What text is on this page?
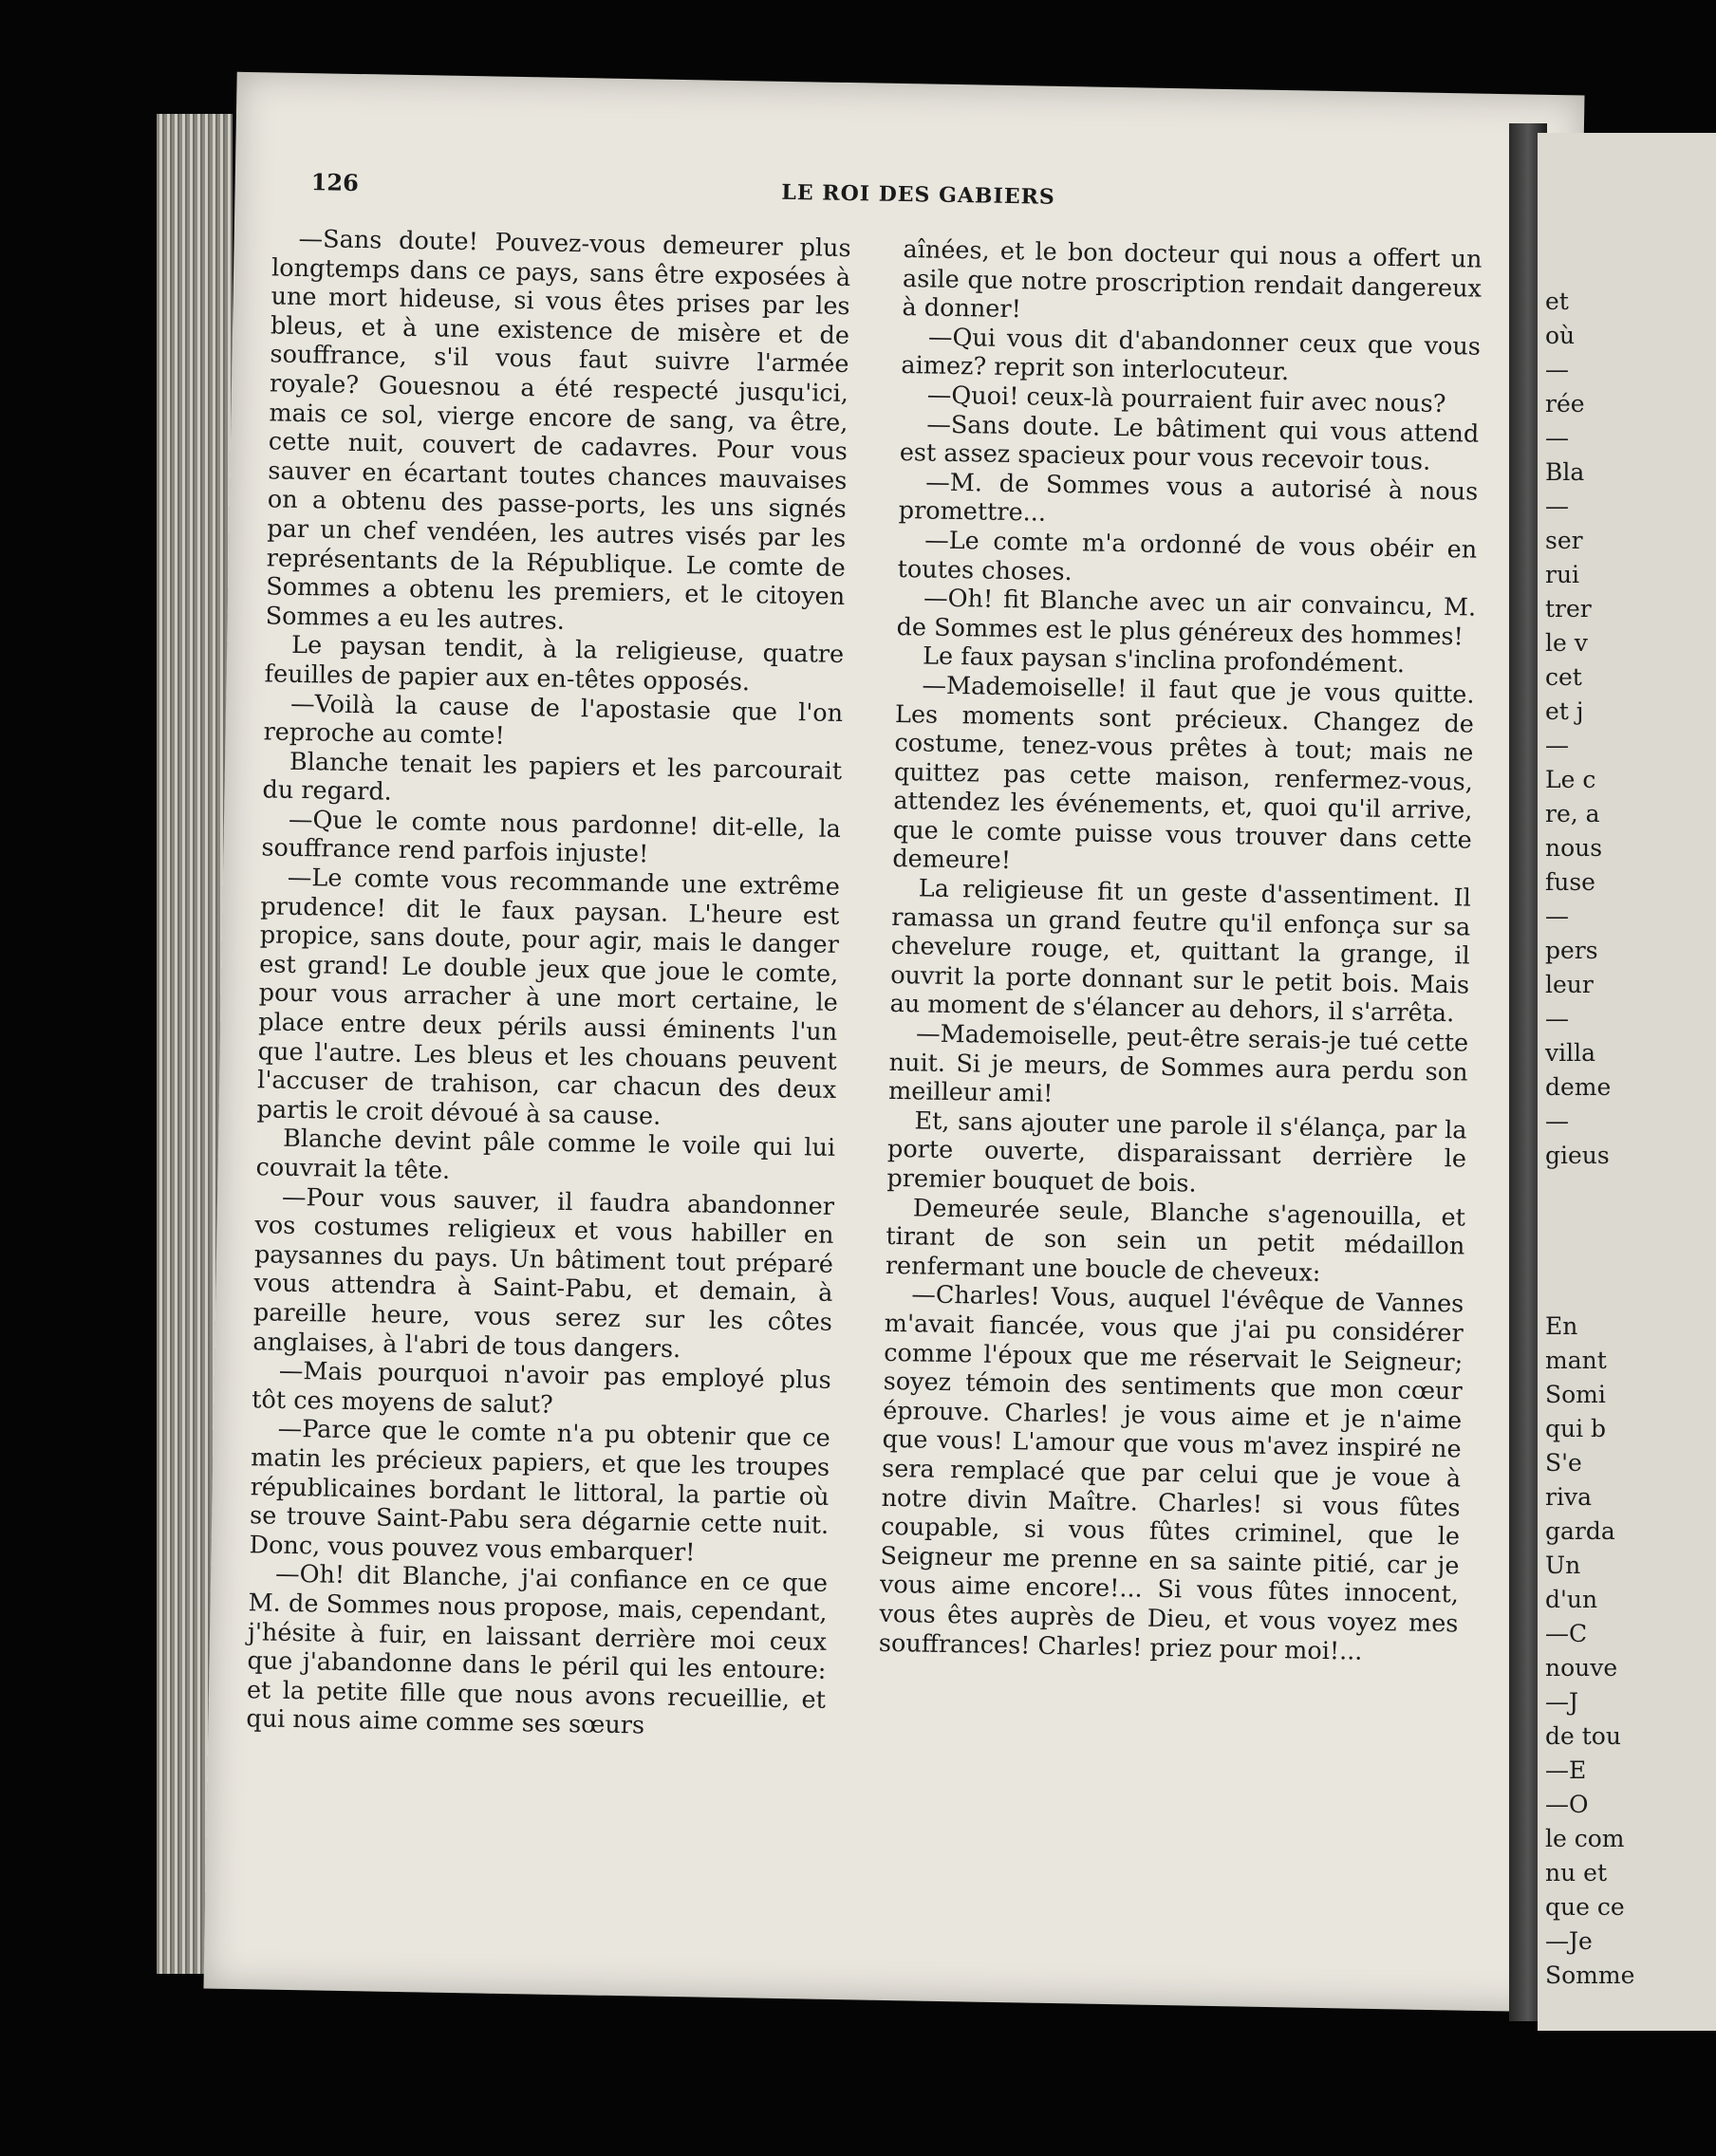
126	LE ROI DES GABIERS

—Sans doute! Pouvez-vous demeurer plus longtemps dans ce pays, sans être exposées à une mort hideuse, si vous êtes prises par les bleus, et à une existence de misère et de souffrance, s'il vous faut suivre l'armée royale? Gouesnou a été respecté jusqu'ici, mais ce sol, vierge encore de sang, va être, cette nuit, couvert de cadavres. Pour vous sauver en écartant toutes chances mauvaises on a obtenu des passe-ports, les uns signés par un chef vendéen, les autres visés par les représentants de la République. Le comte de Sommes a obtenu les premiers, et le citoyen Sommes a eu les autres.

Le paysan tendit, à la religieuse, quatre feuilles de papier aux en-têtes opposés.

—Voilà la cause de l'apostasie que l'on reproche au comte!

Blanche tenait les papiers et les parcourait du regard.

—Que le comte nous pardonne! dit-elle, la souffrance rend parfois injuste!

—Le comte vous recommande une extrême prudence! dit le faux paysan. L'heure est propice, sans doute, pour agir, mais le danger est grand! Le double jeux que joue le comte, pour vous arracher à une mort certaine, le place entre deux périls aussi éminents l'un que l'autre. Les bleus et les chouans peuvent l'accuser de trahison, car chacun des deux partis le croit dévoué à sa cause.

Blanche devint pâle comme le voile qui lui couvrait la tête.

—Pour vous sauver, il faudra abandonner vos costumes religieux et vous habiller en paysannes du pays. Un bâtiment tout préparé vous attendra à Saint-Pabu, et demain, à pareille heure, vous serez sur les côtes anglaises, à l'abri de tous dangers.

—Mais pourquoi n'avoir pas employé plus tôt ces moyens de salut?

—Parce que le comte n'a pu obtenir que ce matin les précieux papiers, et que les troupes républicaines bordant le littoral, la partie où se trouve Saint-Pabu sera dégarnie cette nuit. Donc, vous pouvez vous embarquer!

—Oh! dit Blanche, j'ai confiance en ce que M. de Sommes nous propose, mais, cependant, j'hésite à fuir, en laissant derrière moi ceux que j'abandonne dans le péril qui les entoure: et la petite fille que nous avons recueillie, et qui nous aime comme ses sœurs

aînées, et le bon docteur qui nous a offert un asile que notre proscription rendait dangereux à donner!

—Qui vous dit d'abandonner ceux que vous aimez? reprit son interlocuteur.

—Quoi! ceux-là pourraient fuir avec nous?

—Sans doute. Le bâtiment qui vous attend est assez spacieux pour vous recevoir tous.

—M. de Sommes vous a autorisé à nous promettre...

—Le comte m'a ordonné de vous obéir en toutes choses.

—Oh! fit Blanche avec un air convaincu, M. de Sommes est le plus généreux des hommes!

Le faux paysan s'inclina profondément.

—Mademoiselle! il faut que je vous quitte. Les moments sont précieux. Changez de costume, tenez-vous prêtes à tout; mais ne quittez pas cette maison, renfermez-vous, attendez les événements, et, quoi qu'il arrive, que le comte puisse vous trouver dans cette demeure!

La religieuse fit un geste d'assentiment. Il ramassa un grand feutre qu'il enfonça sur sa chevelure rouge, et, quittant la grange, il ouvrit la porte donnant sur le petit bois. Mais au moment de s'élancer au dehors, il s'arrêta.

—Mademoiselle, peut-être serais-je tué cette nuit. Si je meurs, de Sommes aura perdu son meilleur ami!

Et, sans ajouter une parole il s'élança, par la porte ouverte, disparaissant derrière le premier bouquet de bois.

Demeurée seule, Blanche s'agenouilla, et tirant de son sein un petit médaillon renfermant une boucle de cheveux:

—Charles! Vous, auquel l'évêque de Vannes m'avait fiancée, vous que j'ai pu considérer comme l'époux que me réservait le Seigneur; soyez témoin des sentiments que mon cœur éprouve. Charles! je vous aime et je n'aime que vous! L'amour que vous m'avez inspiré ne sera remplacé que par celui que je voue à notre divin Maître. Charles! si vous fûtes coupable, si vous fûtes criminel, que le Seigneur me prenne en sa sainte pitié, car je vous aime encore!... Si vous fûtes innocent, vous êtes auprès de Dieu, et vous voyez mes souffrances! Charles! priez pour moi!...

et
où
—
rée
—
Bla
—
ser
rui
trer
le v
cet
et j
—
Le c
re, a
nous
fuse
—
pers
leur
—
villa
deme
—
gieus
En
mant
Somi
qui b
S'e
riva
garda
Un
d'un
—C
nouve
—J
de tou
—E
—O
le com
nu et
que ce
—Je
Somme
